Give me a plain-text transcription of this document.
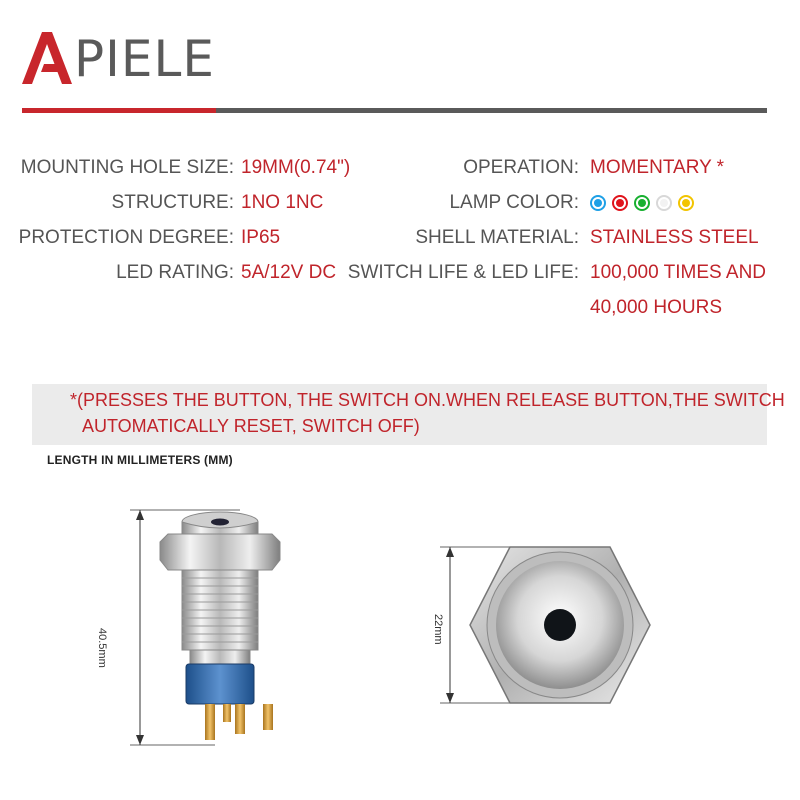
PIELE
MOUNTING HOLE SIZE: 19MM(0.74")
STRUCTURE: 1NO 1NC
PROTECTION DEGREE: IP65
LED RATING: 5A/12V DC
OPERATION: MOMENTARY *
LAMP COLOR:
SHELL MATERIAL: STAINLESS STEEL
SWITCH LIFE & LED LIFE: 100,000 TIMES AND
40,000 HOURS
*(PRESSES THE BUTTON, THE SWITCH ON.WHEN RELEASE BUTTON,THE SWITCH
AUTOMATICALLY RESET, SWITCH OFF)
LENGTH IN MILLIMETERS (MM)
40.5mm	22mm
